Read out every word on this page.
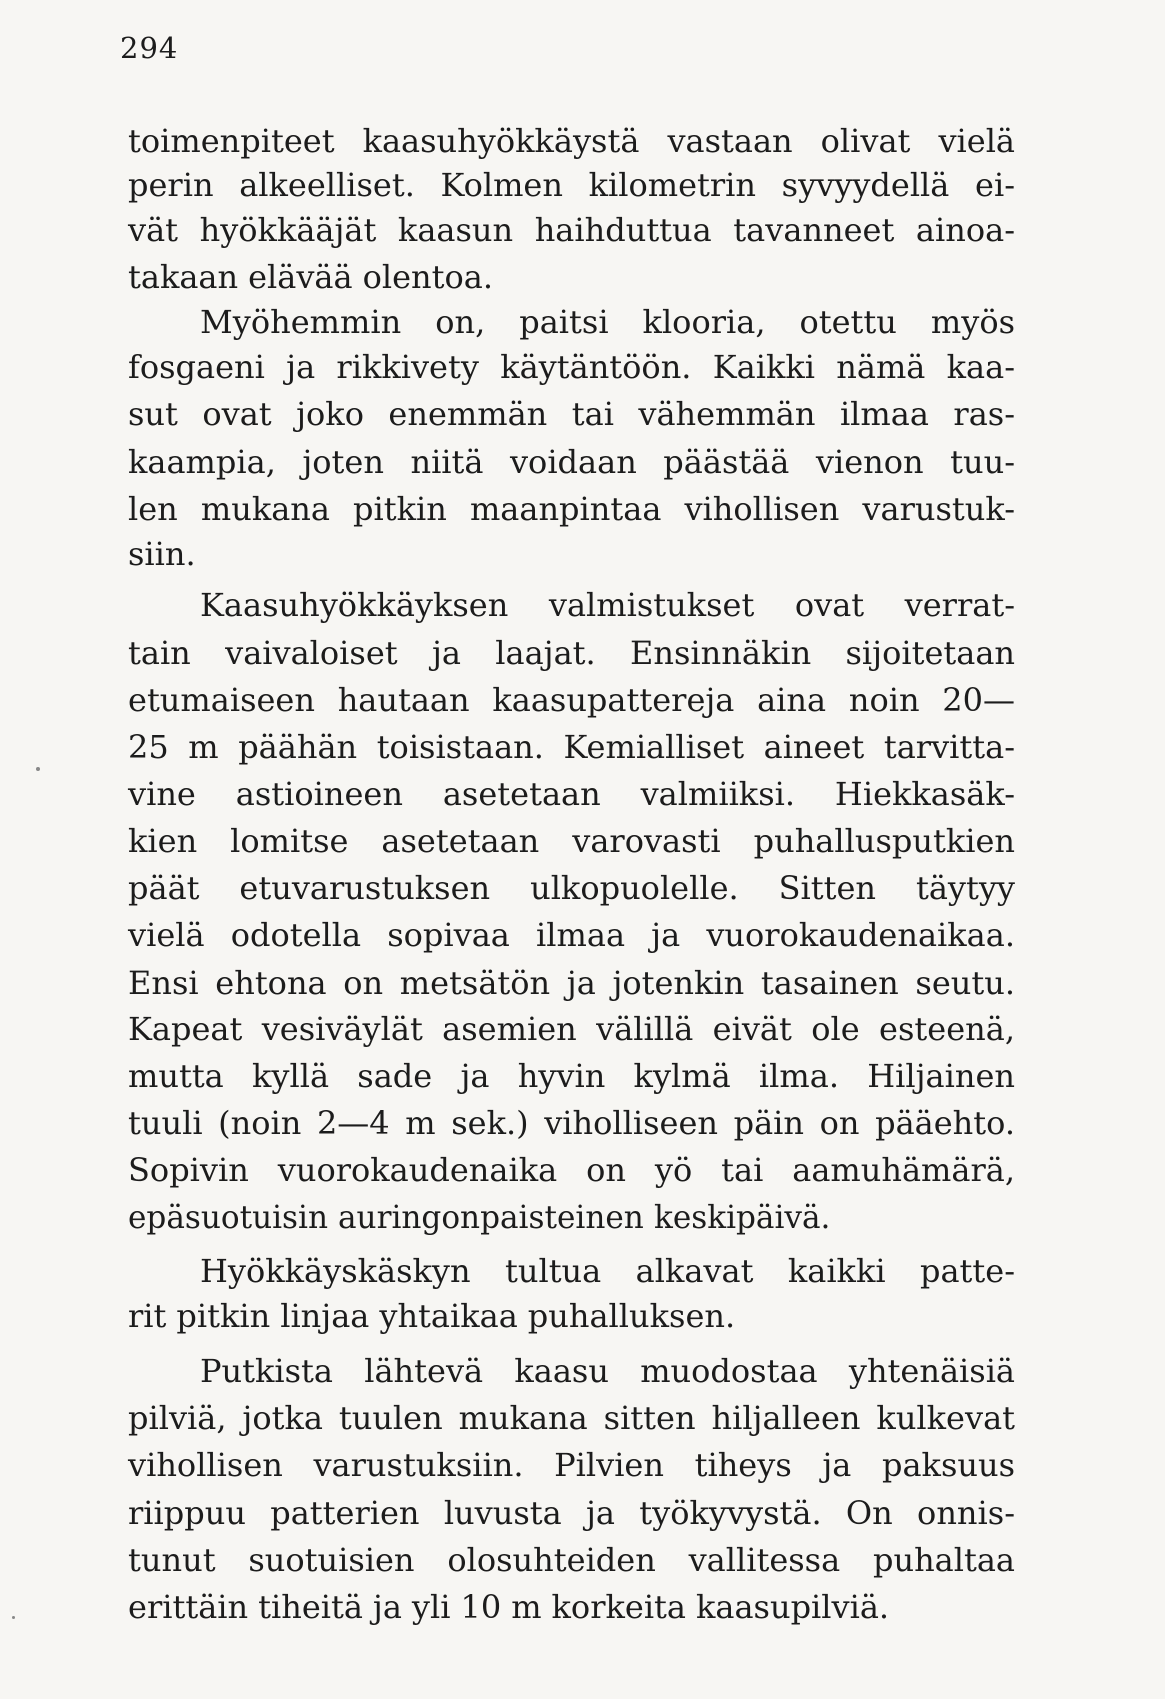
294
toimenpiteet kaasuhyökkäystä vastaan olivat vielä
perin alkeelliset. Kolmen kilometrin syvyydellä ei-
vät hyökkääjät kaasun haihduttua tavanneet ainoa-
takaan elävää olentoa.
Myöhemmin on, paitsi klooria, otettu myös
fosgaeni ja rikkivety käytäntöön. Kaikki nämä kaa-
sut ovat joko enemmän tai vähemmän ilmaa ras-
kaampia, joten niitä voidaan päästää vienon tuu-
len mukana pitkin maanpintaa vihollisen varustuk-
siin.
Kaasuhyökkäyksen valmistukset ovat verrat-
tain vaivaloiset ja laajat. Ensinnäkin sijoitetaan
etumaiseen hautaan kaasupattereja aina noin 20—
25 m päähän toisistaan. Kemialliset aineet tarvitta-
vine astioineen asetetaan valmiiksi. Hiekkasäk-
kien lomitse asetetaan varovasti puhallusputkien
päät etuvarustuksen ulkopuolelle. Sitten täytyy
vielä odotella sopivaa ilmaa ja vuorokaudenaikaa.
Ensi ehtona on metsätön ja jotenkin tasainen seutu.
Kapeat vesiväylät asemien välillä eivät ole esteenä,
mutta kyllä sade ja hyvin kylmä ilma. Hiljainen
tuuli (noin 2—4 m sek.) viholliseen päin on pääehto.
Sopivin vuorokaudenaika on yö tai aamuhämärä,
epäsuotuisin auringonpaisteinen keskipäivä.
Hyökkäyskäskyn tultua alkavat kaikki patte-
rit pitkin linjaa yhtaikaa puhalluksen.
Putkista lähtevä kaasu muodostaa yhtenäisiä
pilviä, jotka tuulen mukana sitten hiljalleen kulkevat
vihollisen varustuksiin. Pilvien tiheys ja paksuus
riippuu patterien luvusta ja työkyvystä. On onnis-
tunut suotuisien olosuhteiden vallitessa puhaltaa
erittäin tiheitä ja yli 10 m korkeita kaasupilviä.
